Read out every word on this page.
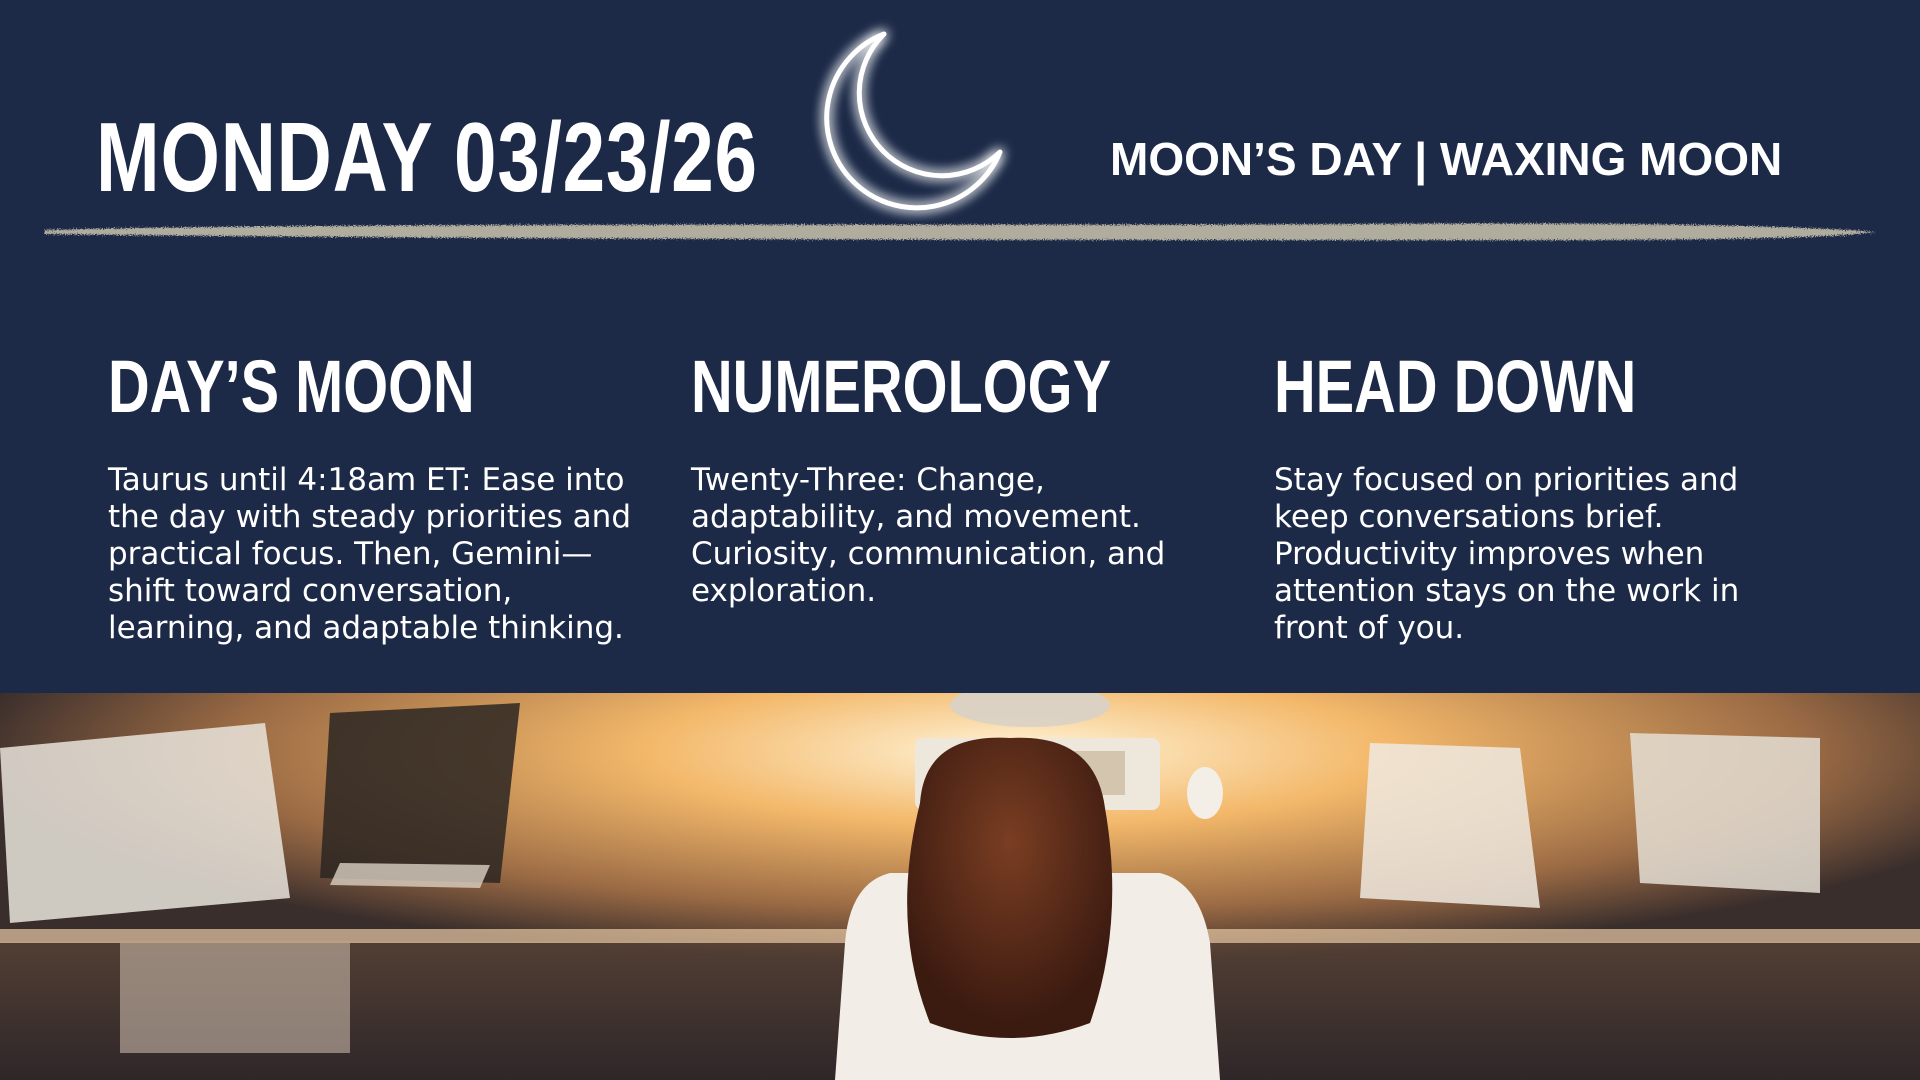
MONDAY 03/23/26	MOON’S DAY | WAXING MOON
DAY’S MOON
Taurus until 4:18am ET: Ease into the day with steady priorities and practical focus. Then, Gemini—shift toward conversation, learning, and adaptable thinking.
NUMEROLOGY
Twenty-Three: Change, adaptability, and movement. Curiosity, communication, and exploration.
HEAD DOWN
Stay focused on priorities and keep conversations brief. Productivity improves when attention stays on the work in front of you.
